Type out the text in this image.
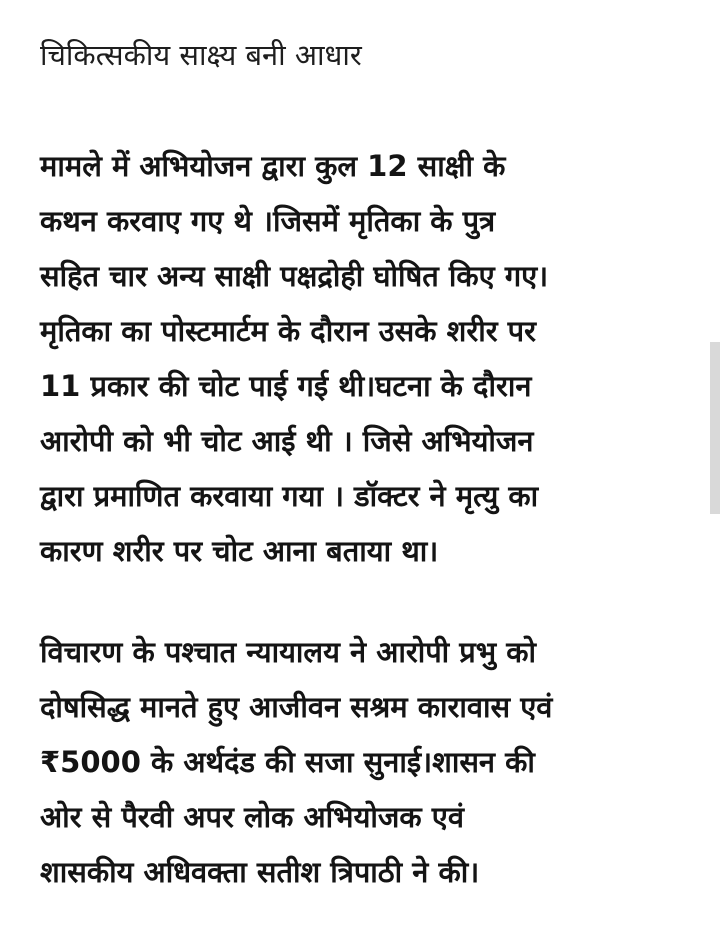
चिकित्सकीय साक्ष्य बनी आधार

मामले में अभियोजन द्वारा कुल 12 साक्षी के
कथन करवाए गए थे ।जिसमें मृतिका के पुत्र
सहित चार अन्य साक्षी पक्षद्रोही घोषित किए गए।
मृतिका का पोस्टमार्टम के दौरान उसके शरीर पर
11 प्रकार की चोट पाई गई थी।घटना के दौरान
आरोपी को भी चोट आई थी । जिसे अभियोजन
द्वारा प्रमाणित करवाया गया । डॉक्टर ने मृत्यु का
कारण शरीर पर चोट आना बताया था।

विचारण के पश्चात न्यायालय ने आरोपी प्रभु को
दोषसिद्ध मानते हुए आजीवन सश्रम कारावास एवं
₹5000 के अर्थदंड की सजा सुनाई।शासन की
ओर से पैरवी अपर लोक अभियोजक एवं
शासकीय अधिवक्ता सतीश त्रिपाठी ने की।
